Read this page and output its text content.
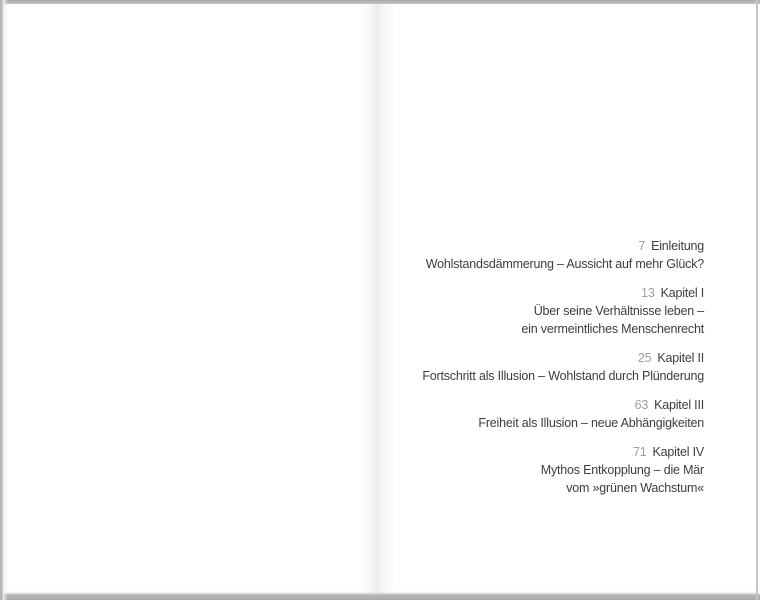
7 Einleitung
Wohlstandsdämmerung – Aussicht auf mehr Glück?
13 Kapitel I
Über seine Verhältnisse leben –
ein vermeintliches Menschenrecht
25 Kapitel II
Fortschritt als Illusion – Wohlstand durch Plünderung
63 Kapitel III
Freiheit als Illusion – neue Abhängigkeiten
71 Kapitel IV
Mythos Entkopplung – die Mär
vom »grünen Wachstum«
